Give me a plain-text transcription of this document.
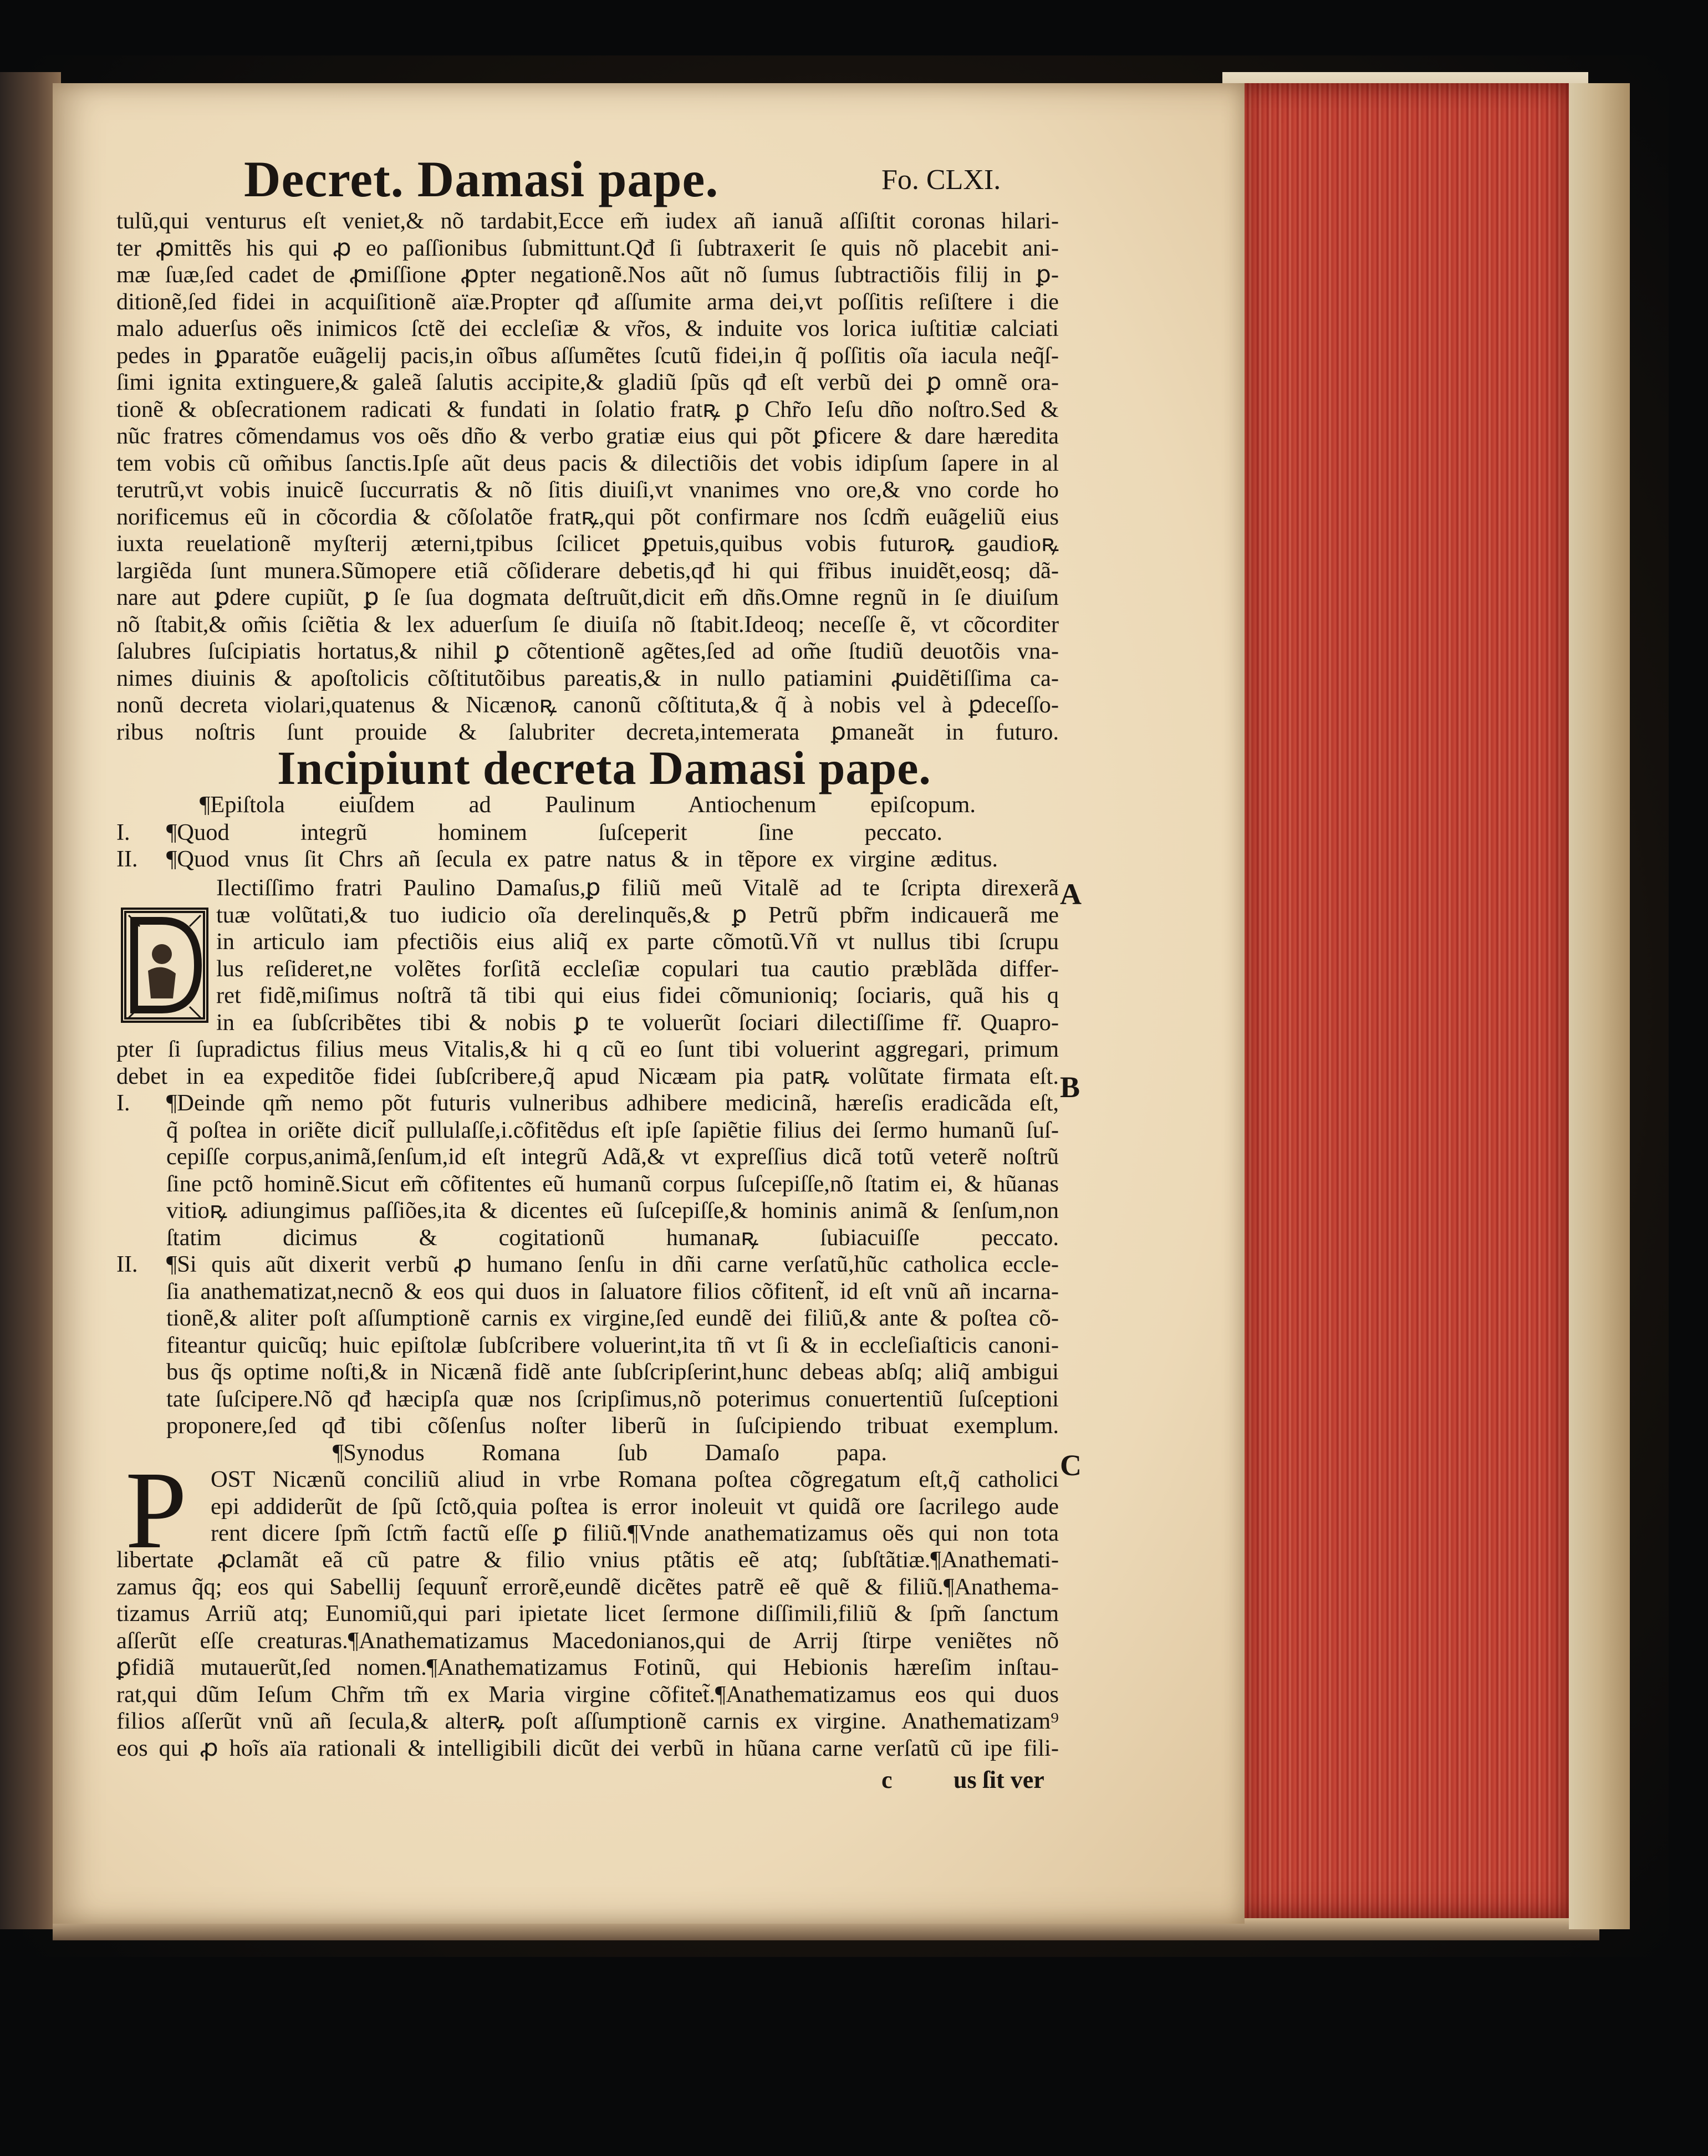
Decret. Damasi pape.	Fo. CLXI.
tulũ,qui venturus eſt veniet,& nõ tardabit,Ecce em̃ iudex añ ianuã aſſiſtit coronas hilari-
ter ꝓmittẽs his qui ꝓ eo paſſionibus ſubmittunt.Qđ ſi ſubtraxerit ſe quis nõ placebit ani-
mæ ſuæ,ſed cadet de ꝓmiſſione ꝓpter negationẽ.Nos aũt nõ ſumus ſubtractiõis filij in ꝑ-
ditionẽ,ſed fidei in acquiſitionẽ aïæ.Propter qđ aſſumite arma dei,vt poſſitis reſiſtere i die
malo aduerſus oẽs inimicos ſctẽ dei eccleſiæ & vr̃os, & induite vos lorica iuſtitiæ calciati
pedes in ꝑparatõe euãgelij pacis,in oĩbus aſſumẽtes ſcutũ fidei,in q̃ poſſitis oĩa iacula neq̃ſ-
ſimi ignita extinguere,& galeã ſalutis accipite,& gladiũ ſpũs qđ eſt verbũ dei ꝑ omnẽ ora-
tionẽ & obſecrationem radicati & fundati in ſolatio fratꝶ ꝑ Chr̃o Ieſu dño noſtro.Sed &
nũc fratres cõmendamus vos oẽs dño & verbo gratiæ eius qui põt ꝑficere & dare hæredita
tem vobis cũ om̃ibus ſanctis.Ipſe aũt deus pacis & dilectiõis det vobis idipſum ſapere in al
terutrũ,vt vobis inuicẽ ſuccurratis & nõ ſitis diuiſi,vt vnanimes vno ore,& vno corde ho
norificemus eũ in cõcordia & cõſolatõe fratꝶ,qui põt confirmare nos ſcdm̃ euãgeliũ eius
iuxta reuelationẽ myſterij æterni,tpibus ſcilicet ꝑpetuis,quibus vobis futuroꝶ gaudioꝶ
largiẽda ſunt munera.Sũmopere etiã cõſiderare debetis,qđ hi qui fr̃ibus inuidẽt,eosq; dã-
nare aut ꝑdere cupiũt, ꝑ ſe ſua dogmata deſtruũt,dicit em̃ dñs.Omne regnũ in ſe diuiſum
nõ ſtabit,& om̃is ſciẽtia & lex aduerſum ſe diuiſa nõ ſtabit.Ideoq; neceſſe ẽ, vt cõcorditer
ſalubres ſuſcipiatis hortatus,& nihil ꝑ cõtentionẽ agẽtes,ſed ad om̃e ſtudiũ deuotõis vna-
nimes diuinis & apoſtolicis cõſtitutõibus pareatis,& in nullo patiamini ꝓuidẽtiſſima ca-
nonũ decreta violari,quatenus & Nicænoꝶ canonũ cõſtituta,& q̃ à nobis vel à ꝑdeceſſo-
ribus noſtris ſunt prouide & ſalubriter decreta,intemerata ꝑmaneãt in futuro.
Incipiunt decreta Damasi pape.
¶Epiſtola eiuſdem ad Paulinum Antiochenum epiſcopum.
I. ¶Quod integrũ hominem ſuſceperit ſine peccato.
II. ¶Quod vnus ſit Chrs añ ſecula ex patre natus & in tẽpore ex virgine æditus.
Ilectiſſimo fratri Paulino Damaſus,ꝑ filiũ meũ Vitalẽ ad te ſcripta direxerã
tuæ volũtati,& tuo iudicio oĩa derelinquẽs,& ꝑ Petrũ pbr̃m indicauerã me
in articulo iam pfectiõis eius aliq̃ ex parte cõmotũ.Vñ vt nullus tibi ſcrupu
lus reſideret,ne volẽtes forſitã eccleſiæ copulari tua cautio præblãda differ-
ret fidẽ,miſimus noſtrã tã tibi qui eius fidei cõmunioniq; ſociaris, quã his q
in ea ſubſcribẽtes tibi & nobis ꝑ te voluerũt ſociari dilectiſſime fr̃. Quapro-
pter ſi ſupradictus filius meus Vitalis,& hi q cũ eo ſunt tibi voluerint aggregari, primum
debet in ea expeditõe fidei ſubſcribere,q̃ apud Nicæam pia patꝶ volũtate firmata eſt.
A
I. ¶Deinde qm̃ nemo põt futuris vulneribus adhibere medicinã, hæreſis eradicãda eſt,
q̃ poſtea in oriẽte dicit̃ pullulaſſe,i.cõfitẽdus eſt ipſe ſapiẽtie filius dei ſermo humanũ ſuſ-
cepiſſe corpus,animã,ſenſum,id eſt integrũ Adã,& vt expreſſius dicã totũ veterẽ noſtrũ
ſine pctõ hominẽ.Sicut em̃ cõfitentes eũ humanũ corpus ſuſcepiſſe,nõ ſtatim ei, & hũanas
vitioꝶ adiungimus paſſiões,ita & dicentes eũ ſuſcepiſſe,& hominis animã & ſenſum,non
ſtatim dicimus & cogitationũ humanaꝶ ſubiacuiſſe peccato.
B
II. ¶Si quis aũt dixerit verbũ ꝓ humano ſenſu in dñi carne verſatũ,hũc catholica eccle-
ſia anathematizat,necnõ & eos qui duos in ſaluatore filios cõfitent̃, id eſt vnũ añ incarna-
tionẽ,& aliter poſt aſſumptionẽ carnis ex virgine,ſed eundẽ dei filiũ,& ante & poſtea cõ-
fiteantur quicũq; huic epiſtolæ ſubſcribere voluerint,ita tñ vt ſi & in eccleſiaſticis canoni-
bus q̃s optime noſti,& in Nicænã fidẽ ante ſubſcripſerint,hunc debeas abſq; aliq̃ ambigui
tate ſuſcipere.Nõ qđ hæcipſa quæ nos ſcripſimus,nõ poterimus conuertentiũ ſuſceptioni
proponere,ſed qđ tibi cõſenſus noſter liberũ in ſuſcipiendo tribuat exemplum.
¶Synodus Romana ſub Damaſo papa.
P	C
OST Nicænũ conciliũ aliud in vrbe Romana poſtea cõgregatum eſt,q̃ catholici
epi addiderũt de ſpũ ſctõ,quia poſtea is error inoleuit vt quidã ore ſacrilego aude
rent dicere ſpm̃ ſctm̃ factũ eſſe ꝑ filiũ.¶Vnde anathematizamus oẽs qui non tota
libertate ꝓclamãt eã cũ patre & filio vnius ptãtis eẽ atq; ſubſtãtiæ.¶Anathemati-
zamus q̃q; eos qui Sabellij ſequunt̃ errorẽ,eundẽ dicẽtes patrẽ eẽ quẽ & filiũ.¶Anathema-
tizamus Arriũ atq; Eunomiũ,qui pari ipietate licet ſermone diſſimili,filiũ & ſpm̃ ſanctum
aſſerũt eſſe creaturas.¶Anathematizamus Macedonianos,qui de Arrij ſtirpe veniẽtes nõ
ꝑfidiã mutauerũt,ſed nomen.¶Anathematizamus Fotinũ, qui Hebionis hæreſim inſtau-
rat,qui dũm Ieſum Chr̃m tm̃ ex Maria virgine cõfitet̃.¶Anathematizamus eos qui duos
filios aſſerũt vnũ añ ſecula,& alterꝶ poſt aſſumptionẽ carnis ex virgine. Anathematizam⁹
eos qui ꝓ hoĩs aïa rationali & intelligibili dicũt dei verbũ in hũana carne verſatũ cũ ipe fili-
c	us ſit ver
